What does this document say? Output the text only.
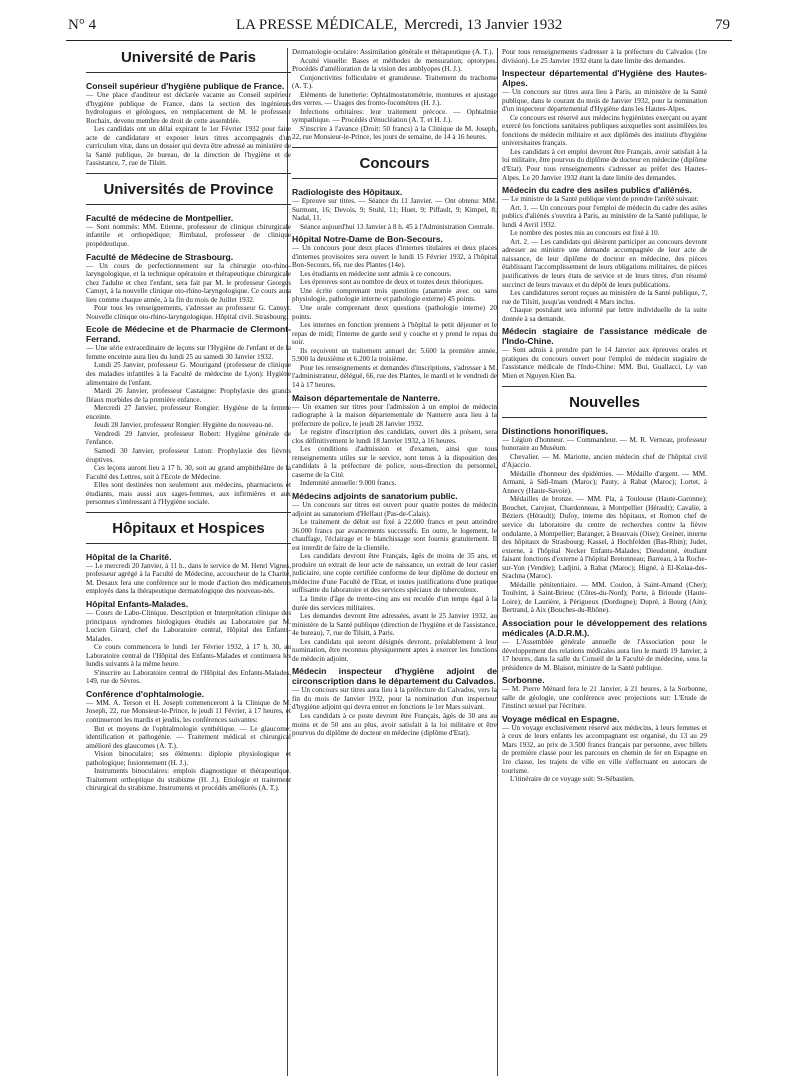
N° 4	LA PRESSE MÉDICALE, Mercredi, 13 Janvier 1932	79
Université de Paris
Conseil supérieur d'hygiène publique de France.

— Une place d'auditeur est déclarée vacante au Conseil supérieur d'hygiène publique de France, dans la section des ingénieurs hydrologues et géologues, en remplacement de M. le professeur Rochaix, devenu membre de droit de cette assemblée.

Les candidats ont un délai expirant le 1er Février 1932 pour faire acte de candidature et exposer leurs titres accompagnés d'un curriculum vitæ, dans un dossier qui devra être adressé au ministère de la Santé publique, 2e bureau, de la direction de l'hygiène et de l'assistance, 7, rue de Tilsitt.

Universités de Province
Faculté de médecine de Montpellier.

— Sont nommés: MM. Etienne, professeur de clinique chirurgicale infantile et orthopédique; Rimbaud, professeur de clinique propédeutique.

Faculté de Médecine de Strasbourg.

— Un cours de perfectionnement sur la chirurgie oto-rhino-laryngologique, et la technique opératoire et thérapeutique chirurgicale chez l'adulte et chez l'enfant, sera fait par M. le professeur Georges Canuyt, à la nouvelle clinique oto-rhino-laryngologique. Ce cours aura lieu comme chaque année, à la fin du mois de Juillet 1932.

Pour tous les renseignements, s'adresser au professeur G. Canuyt. Nouvelle clinique oto-rhino-laryngologique. Hôpital civil. Strasbourg.

Ecole de Médecine et de Pharmacie de Clermont-Ferrand.

— Une série extraordinaire de leçons sur l'Hygiène de l'enfant et de la femme enceinte aura lieu du lundi 25 au samedi 30 Janvier 1932.

Lundi 25 Janvier, professeur G. Mourigand (professeur de clinique des maladies infantiles à la Faculté de médecine de Lyon): Hygiène alimentaire de l'enfant.

Mardi 26 Janvier, professeur Castaigne: Prophylaxie des grands fléaux morbides de la première enfance.

Mercredi 27 Janvier, professeur Rongier: Hygiène de la femme enceinte.

Jeudi 28 Janvier, professeur Rongier: Hygiène du nouveau-né.

Vendredi 29 Janvier, professeur Robert: Hygiène générale de l'enfance.

Samedi 30 Janvier, professeur Luton: Prophylaxie des fièvres éruptives.

Ces leçons auront lieu à 17 h. 30, soit au grand amphithéâtre de la Faculté des Lettres, soit à l'Ecole de Médecine.

Elles sont destinées non seulement aux médecins, pharmaciens et étudiants, mais aussi aux sages-femmes, aux infirmières et aux personnes s'intéressant à l'Hygiène sociale.

Hôpitaux et Hospices
Hôpital de la Charité.

— Le mercredi 20 Janvier, à 11 h., dans le service de M. Henri Vignes, professeur agrégé à la Faculté de Médecine, accoucheur de la Charité, M. Desaux fera une conférence sur le mode d'action des médicaments employés dans la thérapeutique dermatologique des nouveau-nés.

Hôpital Enfants-Malades.

— Cours de Labo-Clinique. Description et Interprétation clinique des principaux syndromes biologiques étudiés au Laboratoire par M. Lucien Girard, chef du Laboratoire central, Hôpital des Enfants-Malades.

Ce cours commencera le lundi 1er Février 1932, à 17 h. 30, au Laboratoire central de l'Hôpital des Enfants-Malades et continuera les lundis suivants à la même heure.

S'inscrire au Laboratoire central de l'Hôpital des Enfants-Malades, 149, rue de Sèvres.

Conférence d'ophtalmologie.

— MM. A. Terson et H. Joseph commenceront à la Clinique de M. Joseph, 22, rue Monsieur-le-Prince, le jeudi 11 Février, à 17 heures, et continueront les mardis et jeudis, les conférences suivantes:

But et moyens de l'ophtalmologie synthétique. — Le glaucome: identification et pathogénie. — Traitement médical et chirurgical amélioré des glaucomes (A. T.).

Vision binoculaire; ses éléments: diplopie physiologique et pathologique; fusionnement (H. J.).

Instruments binoculaires: emplois diagnostique et thérapeutique. Traitement orthoptique du strabisme (H. J.). Etiologie et traitement chirurgical du strabisme. Instruments et procédés améliorés (A. T.).

Dermatologie oculaire: Assimilation générale et thérapeutique (A. T.).

Acuité visuelle: Bases et méthodes de mensuration; optotypes. Procédés d'amélioration de la vision des amblyopes (H. J.).

Conjonctivites folliculaire et granuleuse. Traitement du trachome (A. T.).

Eléments de lunetterie: Ophtalmostatométrie, montures et ajustage des verres. — Usages des fronto-focomètres (H. J.).

Infections orbitaires: leur traitement précoce. — Ophtalmie sympathique. — Procédés d'énucléation (A. T. et H. J.).

S'inscrire à l'avance (Droit: 50 francs) à la Clinique de M. Joseph, 22, rue Monsieur-le-Prince, les jours de semaine, de 14 à 16 heures.

Concours
Radiologiste des Hôpitaux.

— Epreuve sur titres. — Séance du 11 Janvier. — Ont obtenu: MM. Surmont, 16; Devois, 9; Stuhl, 11; Huet, 9; Piffault, 9; Kimpel, 8; Nadal, 11.

Séance aujourd'hui 13 Janvier à 8 h. 45 à l'Administration Centrale.

Hôpital Notre-Dame de Bon-Secours.

— Un concours pour deux places d'internes titulaires et deux places d'internes provisoires sera ouvert le lundi 15 Février 1932, à l'hôpital Bon-Secours, 66, rue des Plantes (14e).

Les étudiants en médecine sont admis à ce concours.

Les épreuves sont au nombre de deux et toutes deux théoriques.

Une écrite comprenant trois questions (anatomie avec ou sans physiologie, pathologie interne et pathologie externe) 45 points.

Une orale comprenant deux questions (pathologie interne) 20 points.

Les internes en fonction prennent à l'hôpital le petit déjeuner et le repas de midi; l'interne de garde seul y couche et y prend le repas du soir.

Ils reçoivent un traitement annuel de: 5.600 la première année, 5.900 la deuxième et 6.200 la troisième.

Pour les renseignements et demandes d'inscriptions, s'adresser à M. l'administrateur, délégué, 66, rue des Plantes, le mardi et le vendredi de 14 à 17 heures.

Maison départementale de Nanterre.

— Un examen sur titres pour l'admission à un emploi de médecin radiographe à la maison départementale de Nanterre aura lieu à la préfecture de police, le jeudi 28 Janvier 1932.

Le registre d'inscription des candidats, ouvert dès à présent, sera clos définitivement le lundi 18 Janvier 1932, à 16 heures.

Les conditions d'admission et d'examen, ainsi que tous renseignements utiles sur le service, sont tenus à la disposition des candidats à la préfecture de police, sous-direction du personnel, caserne de la Cité.

Indemnité annuelle: 9.000 francs.

Médecins adjoints de sanatorium public.

— Un concours sur titres est ouvert pour quatre postes de médecin adjoint au sanatorium d'Helfaut (Pas-de-Calais).

Le traitement de début est fixé à 22.000 francs et peut atteindre 36.000 francs par avancements successifs. En outre, le logement, le chauffage, l'éclairage et le blanchissage sont fournis gratuitement. Il est interdit de faire de la clientèle.

Les candidats devront être Français, âgés de moins de 35 ans, et produire un extrait de leur acte de naissance, un extrait de leur casier judiciaire, une copie certifiée conforme de leur diplôme de docteur en médecine d'une Faculté de l'Etat, et toutes justifications d'une pratique suffisante du laboratoire et des services spéciaux de tuberculeux.

La limite d'âge de trente-cinq ans est reculée d'un temps égal à la durée des services militaires.

Les demandes devront être adressées, avant le 25 Janvier 1932, au ministère de la Santé publique (direction de l'hygiène et de l'assistance, 4e bureau), 7, rue de Tilsitt, à Paris.

Les candidats qui seront désignés devront, préalablement à leur nomination, être reconnus physiquement aptes à exercer les fonctions de médecin adjoint.

Médecin inspecteur d'hygiène adjoint de circonscription dans le département du Calvados.

— Un concours sur titres aura lieu à la préfecture du Calvados, vers la fin du mois de Janvier 1932, pour la nomination d'un inspecteur d'hygiène adjoint qui devra entrer en fonctions le 1er Mars suivant.

Les candidats à ce poste devront être Français, âgés de 30 ans au moins et de 50 ans au plus, avoir satisfait à la loi militaire et être pourvus du diplôme de docteur en médecine (diplôme d'Etat).

Pour tous renseignements s'adresser à la préfecture du Calvados (1re division). Le 25 Janvier 1932 étant la date limite des demandes.

Inspecteur départemental d'Hygiène des Hautes-Alpes.

— Un concours sur titres aura lieu à Paris, au ministère de la Santé publique, dans le courant du mois de Janvier 1932, pour la nomination d'un inspecteur départemental d'Hygiène dans les Hautes-Alpes.

Ce concours est réservé aux médecins hygiénistes exerçant ou ayant exercé les fonctions sanitaires publiques auxquelles sont assimilées les fonctions de médecin militaire et aux diplômés des instituts d'hygiène universitaires français.

Les candidats à cet emploi devront être Français, avoir satisfait à la loi militaire, être pourvus du diplôme de docteur en médecine (diplôme d'Etat). Pour tous renseignements s'adresser au préfet des Hautes-Alpes. Le 20 Janvier 1932 étant la date limite des demandes.

Médecin du cadre des asiles publics d'aliénés.

— Le ministre de la Santé publique vient de prendre l'arrêté suivant:

Art. 1. — Un concours pour l'emploi de médecin du cadre des asiles publics d'aliénés s'ouvrira à Paris, au ministère de la Santé publique, le lundi 4 Avril 1932.

Le nombre des postes mis au concours est fixé à 10.

Art. 2. — Les candidats qui désirent participer au concours devront adresser au ministre une demande accompagnée de leur acte de naissance, de leur diplôme de docteur en médecine, des pièces établissant l'accomplissement de leurs obligations militaires, de pièces justificatives de leurs états de service et de leurs titres, d'un résumé succinct de leurs travaux et du dépôt de leurs publications.

Les candidatures seront reçues au ministère de la Santé publique, 7, rue de Tilsitt, jusqu'au vendredi 4 Mars inclus.

Chaque postulant sera informé par lettre individuelle de la suite donnée à sa demande.

Médecin stagiaire de l'assistance médicale de l'Indo-Chine.

— Sont admis à prendre part le 14 Janvier aux épreuves orales et pratiques du concours ouvert pour l'emploi de médecin stagiaire de l'assistance médicale de l'Indo-Chine: MM. Bui, Guallacci, Ly van Mien et Nguyen Kien Ba.

Nouvelles
Distinctions honorifiques.

— Légion d'honneur. — Commandeur. — M. R. Verneau, professeur honoraire au Muséum.

Chevalier. — M. Mariotte, ancien médecin chef de l'hôpital civil d'Ajaccio.

Médaille d'honneur des épidémies. — Médaille d'argent. — MM. Armani, à Sidi-Imam (Maroc); Pauty, à Rabat (Maroc); Lortet, à Annecy (Haute-Savoie).

Médailles de bronze. — MM. Pla, à Toulouse (Haute-Garonne); Bouchet, Carejust, Chardonneau, à Montpellier (Hérault); Cavalie, à Béziers (Hérault); Dufoy, interne des hôpitaux, et Romon chef de service du laboratoire du centre de recherches contre la fièvre ondulante, à Montpellier; Baranger, à Beauvais (Oise); Greiner, interne des hôpitaux de Strasbourg; Kassel, à Hochfelden (Bas-Rhin); Judet, externe, à l'hôpital Necker Enfants-Malades; Dieudonné, étudiant faisant fonctions d'externe à l'hôpital Bretonneau; Barreau, à la Roche-sur-Yon (Vendée); Ladjini, à Rabat (Maroc); Higné, à El-Kelaa-des-Srachna (Maroc).

Médaille pénitentiaire. — MM. Coulon, à Saint-Amand (Cher); Toulvint, à Saint-Brieuc (Côtes-du-Nord); Porte, à Brioude (Haute-Loire); de Laurière, à Périgueux (Dordogne); Dupré, à Bourg (Ain); Bertrand, à Aix (Bouches-du-Rhône).

Association pour le développement des relations médicales (A.D.R.M.).

— L'Assemblée générale annuelle de l'Association pour le développement des relations médicales aura lieu le mardi 19 Janvier, à 17 heures, dans la salle du Conseil de la Faculté de médecine, sous la présidence de M. Blaisot, ministre de la Santé publique.

Sorbonne.

— M. Pierre Ménard fera le 21 Janvier, à 21 heures, à la Sorbonne, salle de géologie, une conférence avec projections sur: L'Etude de l'instinct sexuel par l'écriture.

Voyage médical en Espagne.

— Un voyage exclusivement réservé aux médecins, à leurs femmes et à ceux de leurs enfants les accompagnant est organisé, du 13 au 29 Mars 1932, au prix de 3.500 francs français par personne, avec billets de première classe pour les parcours en chemin de fer en Espagne en 1re classe, les trajets de ville en ville s'effectuant en autocars de tourisme.

L'itinéraire de ce voyage suit: St-Sébastien.
